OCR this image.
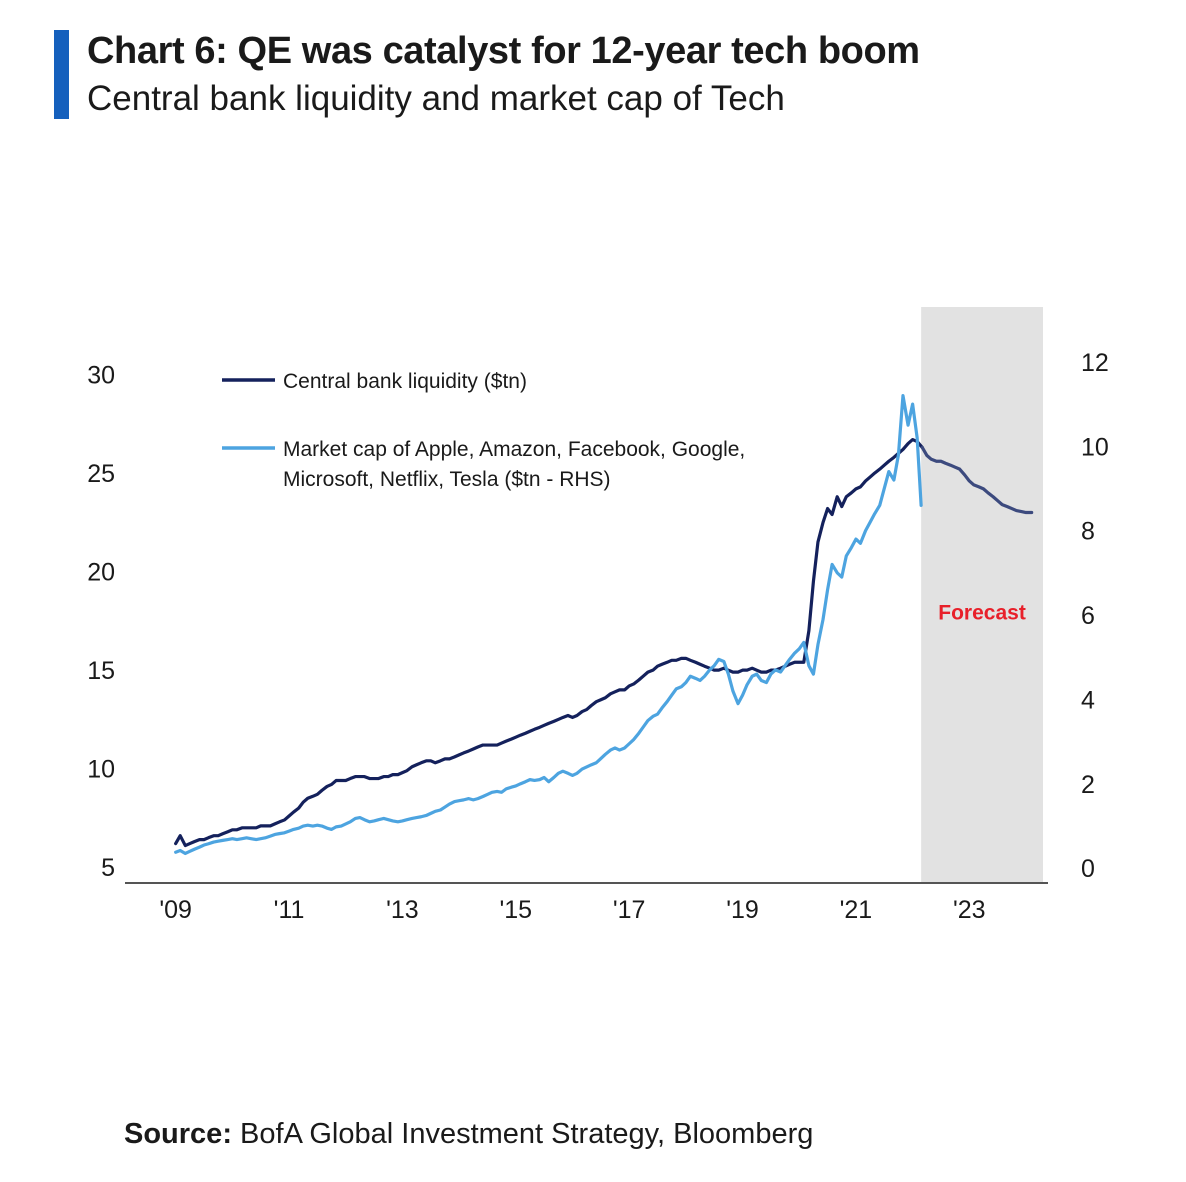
Chart 6: QE was catalyst for 12-year tech boom
Central bank liquidity and market cap of Tech
5
10
15
20
25
30
0
2
4
6
8
10
12
'09	'11	'13	'15	'17	'19	'21	'23
Central bank liquidity ($tn)
Market cap of Apple, Amazon, Facebook, Google,
Microsoft, Netflix, Tesla ($tn - RHS)
Forecast
Source: BofA Global Investment Strategy, Bloomberg
